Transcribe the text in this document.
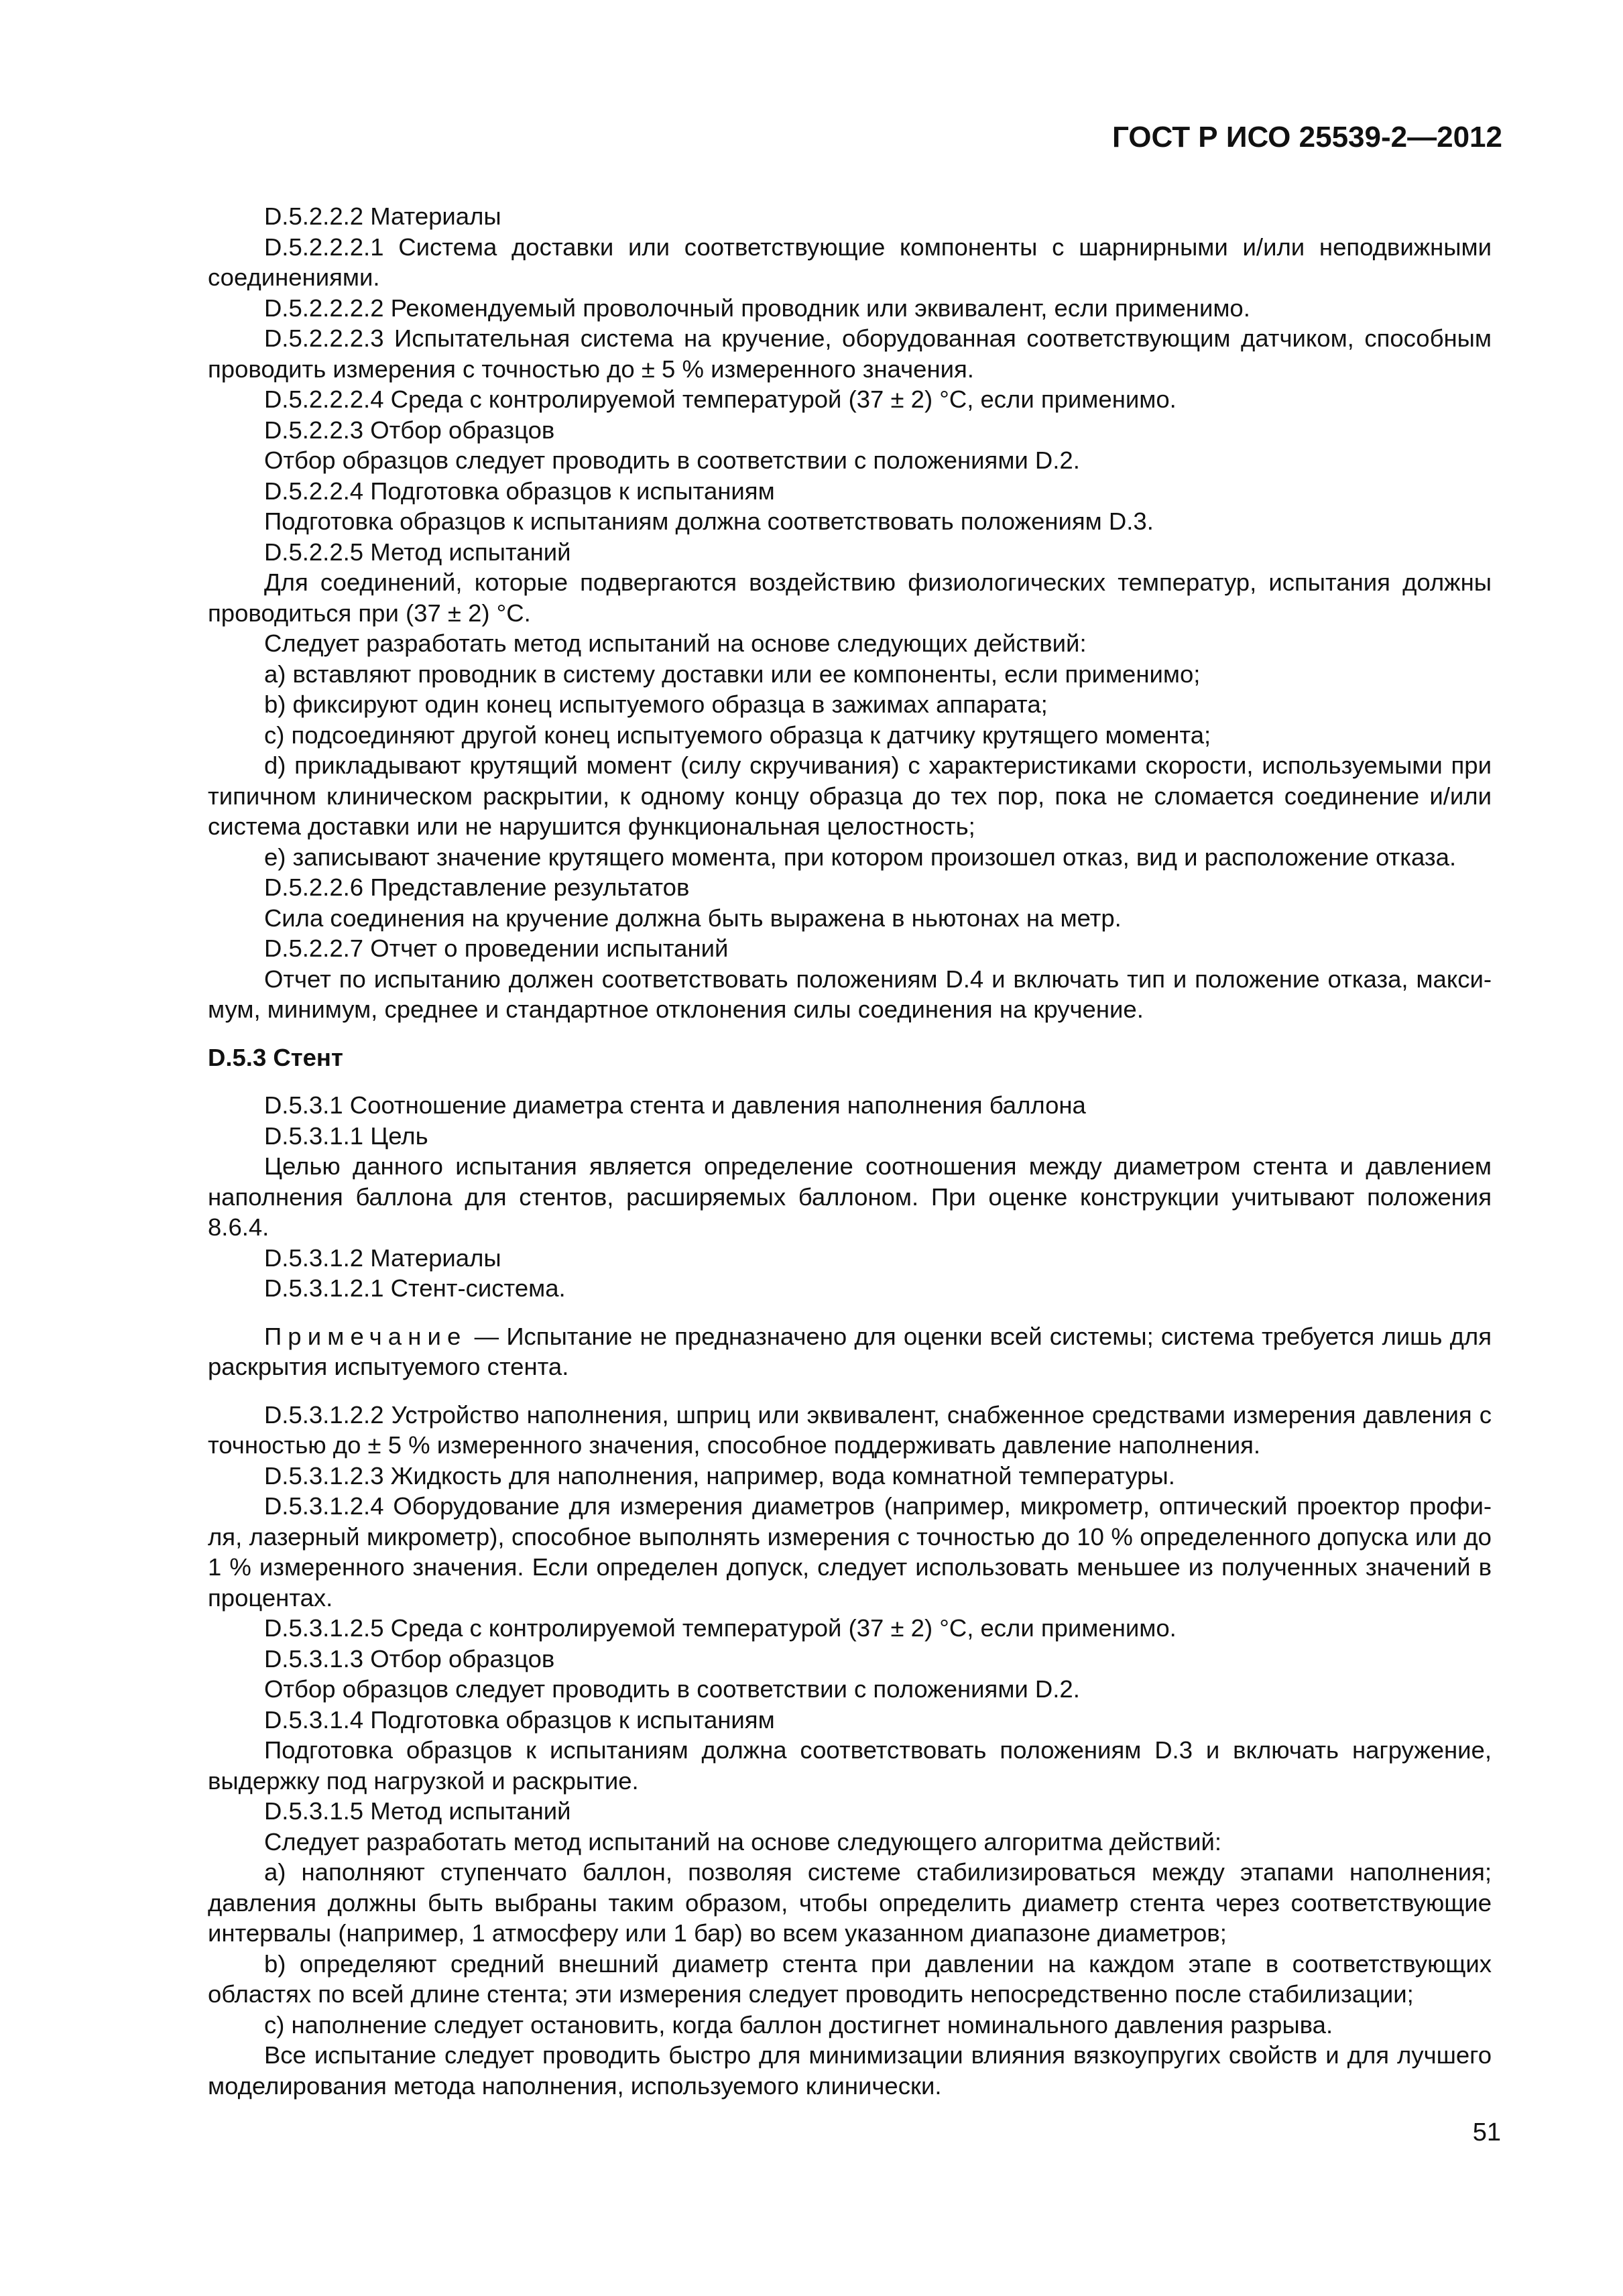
ГОСТ Р ИСО 25539-2—2012

D.5.2.2.2 Материалы

D.5.2.2.2.1 Система доставки или соответствующие компоненты с шарнирными и/или неподвижными соединениями.

D.5.2.2.2.2 Рекомендуемый проволочный проводник или эквивалент, если применимо.

D.5.2.2.2.3 Испытательная система на кручение, оборудованная соответствующим датчиком, способным проводить измерения с точностью до ± 5 % измеренного значения.

D.5.2.2.2.4 Среда с контролируемой температурой (37 ± 2) °С, если применимо.

D.5.2.2.3 Отбор образцов

Отбор образцов следует проводить в соответствии с положениями D.2.

D.5.2.2.4 Подготовка образцов к испытаниям

Подготовка образцов к испытаниям должна соответствовать положениям D.3.

D.5.2.2.5 Метод испытаний

Для соединений, которые подвергаются воздействию физиологических температур, испытания должны проводиться при (37 ± 2) °С.

Следует разработать метод испытаний на основе следующих действий:

a) вставляют проводник в систему доставки или ее компоненты, если применимо;

b) фиксируют один конец испытуемого образца в зажимах аппарата;

c) подсоединяют другой конец испытуемого образца к датчику крутящего момента;

d) прикладывают крутящий момент (силу скручивания) с характеристиками скорости, используемыми при типичном клиническом раскрытии, к одному концу образца до тех пор, пока не сломается соединение и/или система доставки или не нарушится функциональная целостность;

e) записывают значение крутящего момента, при котором произошел отказ, вид и расположение отказа.

D.5.2.2.6 Представление результатов

Сила соединения на кручение должна быть выражена в ньютонах на метр.

D.5.2.2.7 Отчет о проведении испытаний

Отчет по испытанию должен соответствовать положениям D.4 и включать тип и положение отказа, макси-мум, минимум, среднее и стандартное отклонения силы соединения на кручение.

D.5.3 Стент

D.5.3.1 Соотношение диаметра стента и давления наполнения баллона

D.5.3.1.1 Цель

Целью данного испытания является определение соотношения между диаметром стента и давлением наполнения баллона для стентов, расширяемых баллоном. При оценке конструкции учитывают положения 8.6.4.

D.5.3.1.2 Материалы

D.5.3.1.2.1 Стент-система.

Примечание — Испытание не предназначено для оценки всей системы; система требуется лишь для раскрытия испытуемого стента.

D.5.3.1.2.2 Устройство наполнения, шприц или эквивалент, снабженное средствами измерения давления с точностью до ± 5 % измеренного значения, способное поддерживать давление наполнения.

D.5.3.1.2.3 Жидкость для наполнения, например, вода комнатной температуры.

D.5.3.1.2.4 Оборудование для измерения диаметров (например, микрометр, оптический проектор профи-ля, лазерный микрометр), способное выполнять измерения с точностью до 10 % определенного допуска или до 1 % измеренного значения. Если определен допуск, следует использовать меньшее из полученных значений в процентах.

D.5.3.1.2.5 Среда с контролируемой температурой (37 ± 2) °С, если применимо.

D.5.3.1.3 Отбор образцов

Отбор образцов следует проводить в соответствии с положениями D.2.

D.5.3.1.4 Подготовка образцов к испытаниям

Подготовка образцов к испытаниям должна соответствовать положениям D.3 и включать нагружение, выдержку под нагрузкой и раскрытие.

D.5.3.1.5 Метод испытаний

Следует разработать метод испытаний на основе следующего алгоритма действий:

a) наполняют ступенчато баллон, позволяя системе стабилизироваться между этапами наполнения; давления должны быть выбраны таким образом, чтобы определить диаметр стента через соответствующие интервалы (например, 1 атмосферу или 1 бар) во всем указанном диапазоне диаметров;

b) определяют средний внешний диаметр стента при давлении на каждом этапе в соответствующих областях по всей длине стента; эти измерения следует проводить непосредственно после стабилизации;

c) наполнение следует остановить, когда баллон достигнет номинального давления разрыва.

Все испытание следует проводить быстро для минимизации влияния вязкоупругих свойств и для лучшего моделирования метода наполнения, используемого клинически.

51
